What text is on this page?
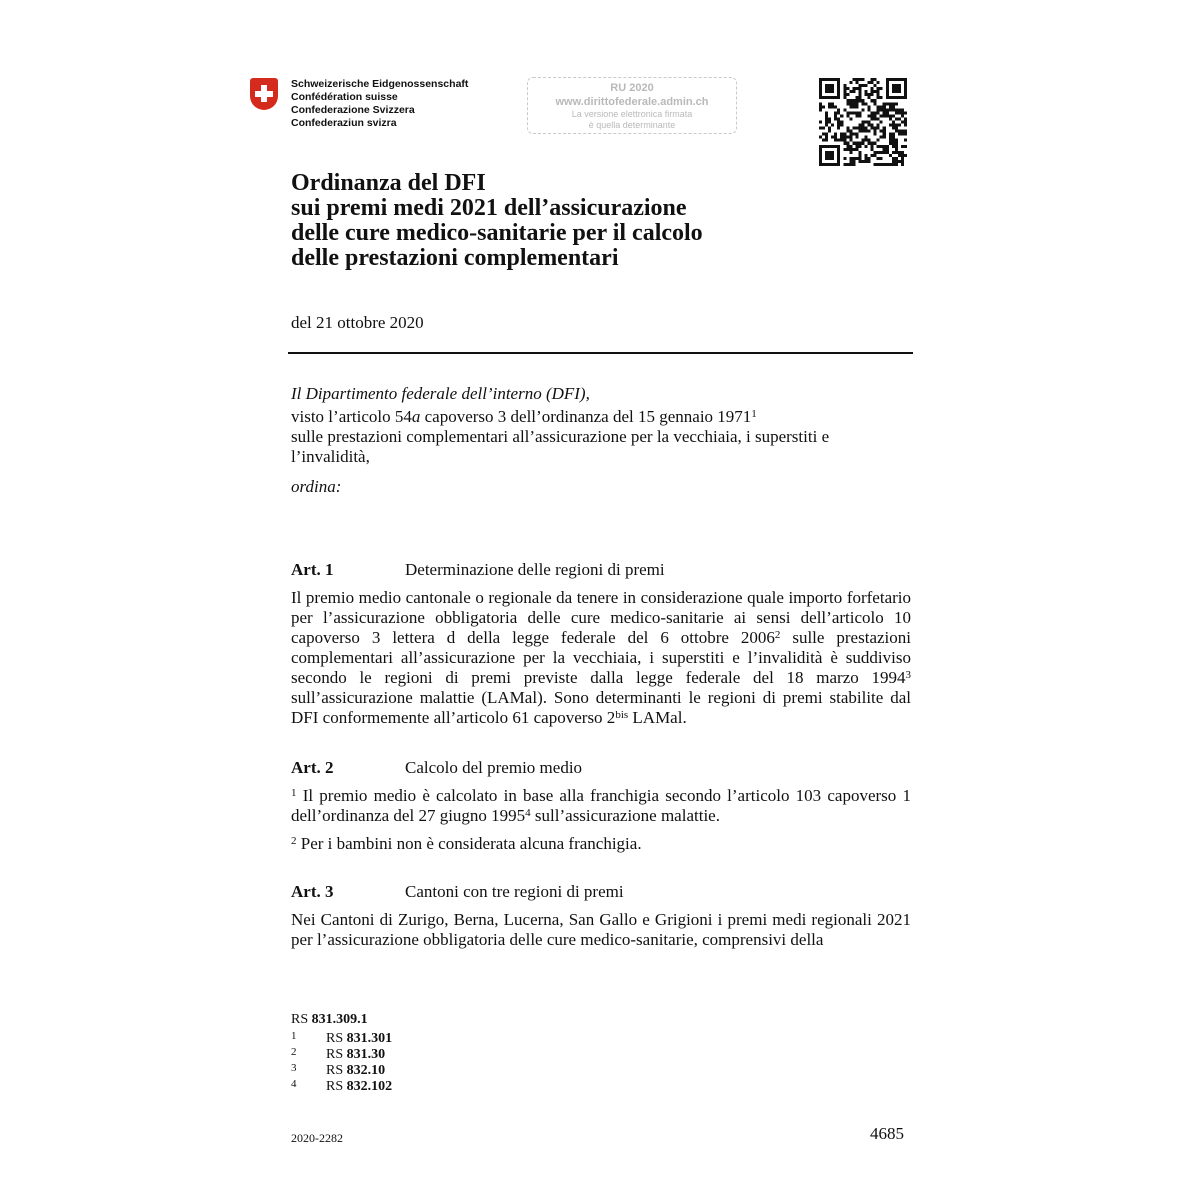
Schweizerische Eidgenossenschaft
Confédération suisse
Confederazione Svizzera
Confederaziun svizra
RU 2020
www.dirittofederale.admin.ch
La versione elettronica firmata
è quella determinante
Ordinanza del DFI
sui premi medi 2021 dell’assicurazione
delle cure medico-sanitarie per il calcolo
delle prestazioni complementari
del 21 ottobre 2020
Il Dipartimento federale dell’interno (DFI),
visto l’articolo 54a capoverso 3 dell’ordinanza del 15 gennaio 1971$^1$
sulle prestazioni complementari all’assicurazione per la vecchiaia, i superstiti e
l’invalidità,
ordina:
Art. 1	Determinazione delle regioni di premi
Il premio medio cantonale o regionale da tenere in considerazione quale importo forfetario per l’assicurazione obbligatoria delle cure medico-sanitarie ai sensi dell’articolo 10 capoverso 3 lettera d della legge federale del 6 ottobre 2006$^2$ sulle prestazioni complementari all’assicurazione per la vecchiaia, i superstiti e l’invalidità è suddiviso secondo le regioni di premi previste dalla legge federale del 18 marzo 1994$^3$ sull’assicurazione malattie (LAMal). Sono determinanti le regioni di premi stabilite dal DFI conformemente all’articolo 61 capoverso $2^{bis}$ LAMal.
Art. 2	Calcolo del premio medio
$^1$ Il premio medio è calcolato in base alla franchigia secondo l’articolo 103 capoverso 1 dell’ordinanza del 27 giugno 1995$^4$ sull’assicurazione malattie.
$^2$ Per i bambini non è considerata alcuna franchigia.
Art. 3	Cantoni con tre regioni di premi
Nei Cantoni di Zurigo, Berna, Lucerna, San Gallo e Grigioni i premi medi regionali 2021 per l’assicurazione obbligatoria delle cure medico-sanitarie, comprensivi della
RS 831.309.1
1 RS 831.301
2 RS 831.30
3 RS 832.10
4 RS 832.102
2020-2282	4685
